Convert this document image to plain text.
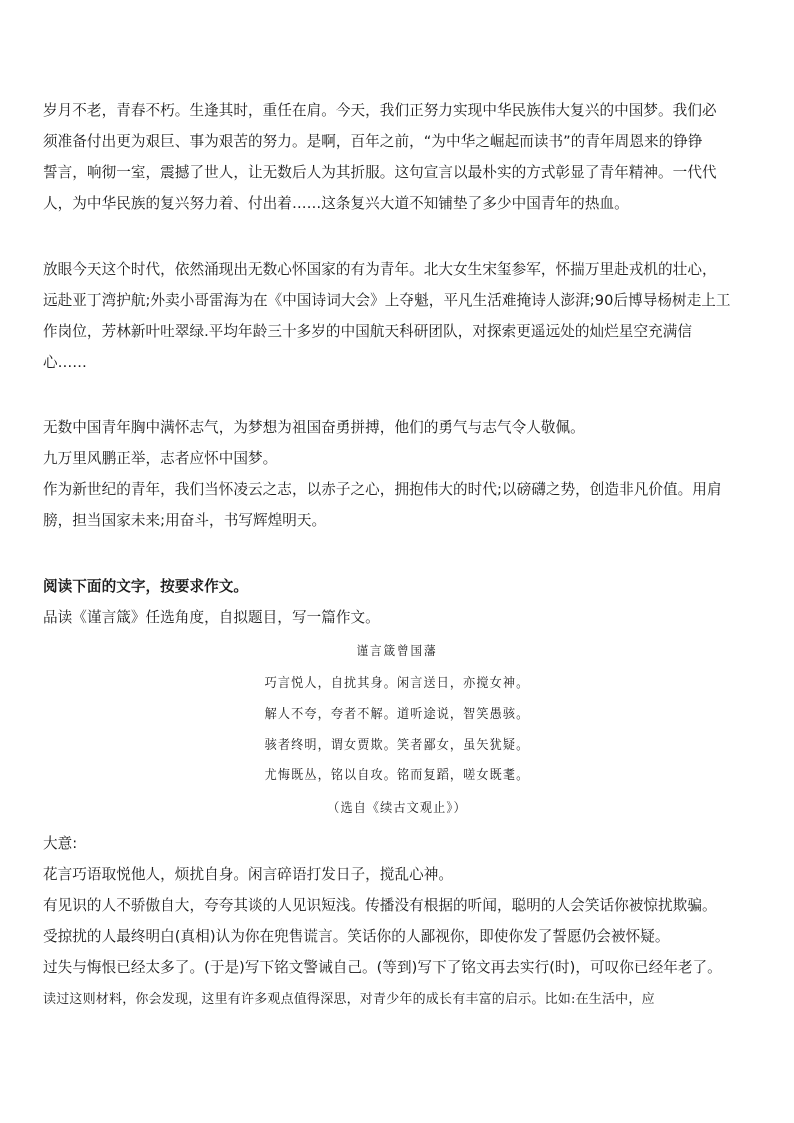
岁月不老，青春不朽。生逢其时，重任在肩。今天，我们正努力实现中华民族伟大复兴的中国梦。我们必
须准备付出更为艰巨、事为艰苦的努力。是啊，百年之前，“为中华之崛起而读书”的青年周恩来的铮铮
誓言，响彻一室，震撼了世人，让无数后人为其折服。这句宣言以最朴实的方式彰显了青年精神。一代代
人，为中华民族的复兴努力着、付出着……这条复兴大道不知铺垫了多少中国青年的热血。
放眼今天这个时代，依然涌现出无数心怀国家的有为青年。北大女生宋玺参军，怀揣万里赴戎机的壮心，
远赴亚丁湾护航;外卖小哥雷海为在《中国诗词大会》上夺魁，平凡生活难掩诗人澎湃;90后博导杨树走上工
作岗位，芳林新叶吐翠绿.平均年龄三十多岁的中国航天科研团队，对探索更遥远处的灿烂星空充满信
心……
无数中国青年胸中满怀志气，为梦想为祖国奋勇拼搏，他们的勇气与志气令人敬佩。
九万里风鹏正举，志者应怀中国梦。
作为新世纪的青年，我们当怀凌云之志，以赤子之心，拥抱伟大的时代;以磅礴之势，创造非凡价值。用肩
膀，担当国家未来;用奋斗，书写辉煌明天。
阅读下面的文字，按要求作文。
品读《谨言箴》任选角度，自拟题目，写一篇作文。
谨言箴曾国藩
巧言悦人，自扰其身。闲言送日，亦搅女神。
解人不夸，夸者不解。道听途说，智笑愚骇。
骇者终明，谓女贾欺。笑者鄙女，虽矢犹疑。
尤悔既丛，铭以自攻。铭而复蹈，嗟女既耄。
（选自《续古文观止》）
大意:
花言巧语取悦他人，烦扰自身。闲言碎语打发日子，搅乱心神。
有见识的人不骄傲自大，夸夸其谈的人见识短浅。传播没有根据的听闻，聪明的人会笑话你被惊扰欺骗。
受掠扰的人最终明白(真相)认为你在兜售谎言。笑话你的人鄙视你，即使你发了誓愿仍会被怀疑。
过失与悔恨已经太多了。(于是)写下铭文警诫自己。(等到)写下了铭文再去实行(时)，可叹你已经年老了。
读过这则材料，你会发现，这里有许多观点值得深思，对青少年的成长有丰富的启示。比如:在生活中，应
